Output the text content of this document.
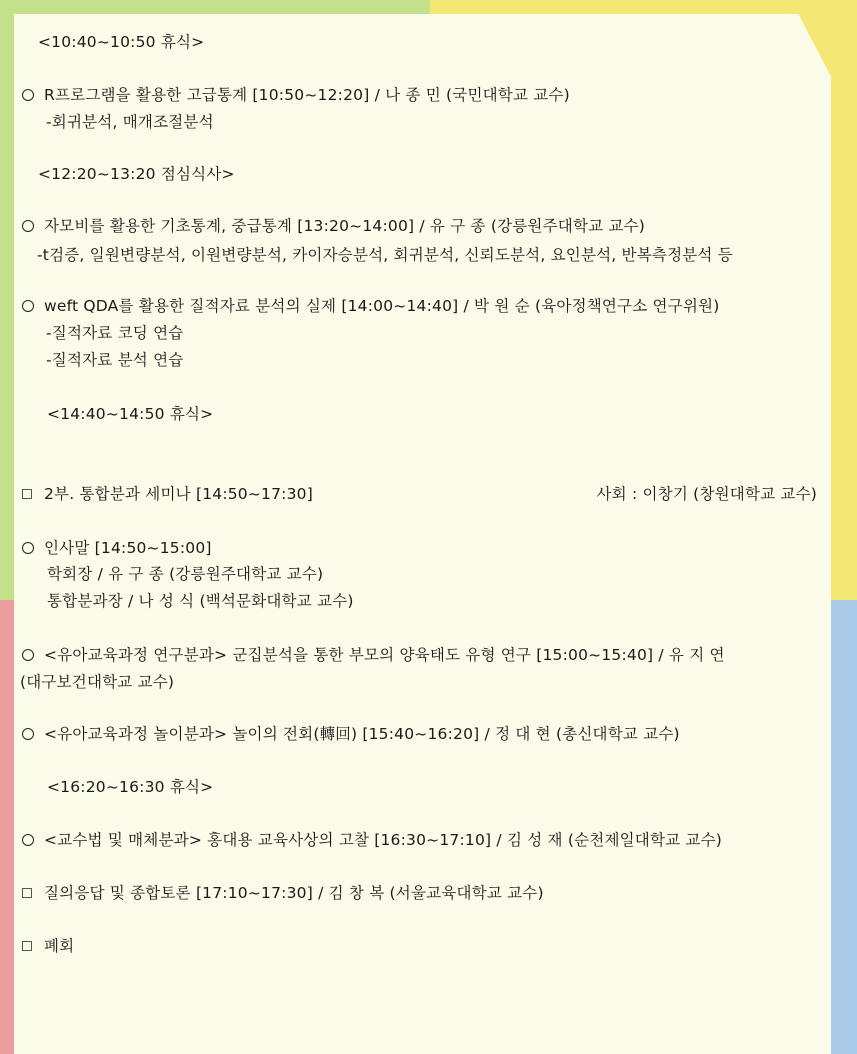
<10:40~10:50 휴식>
R프로그램을 활용한 고급통계 [10:50~12:20] / 나 종 민 (국민대학교 교수)
-회귀분석, 매개조절분석
<12:20~13:20 점심식사>
자모비를 활용한 기초통계, 중급통계 [13:20~14:00] / 유 구 종 (강릉원주대학교 교수)
-t검증, 일원변량분석, 이원변량분석, 카이자승분석, 회귀분석, 신뢰도분석, 요인분석, 반복측정분석 등
weft QDA를 활용한 질적자료 분석의 실제 [14:00~14:40] / 박 원 순 (육아정책연구소 연구위원)
-질적자료 코딩 연습
-질적자료 분석 연습
<14:40~14:50 휴식>
2부. 통합분과 세미나 [14:50~17:30]	사회 : 이창기 (창원대학교 교수)
인사말 [14:50~15:00]
학회장 / 유 구 종 (강릉원주대학교 교수)
통합분과장 / 나 성 식 (백석문화대학교 교수)
<유아교육과정 연구분과> 군집분석을 통한 부모의 양육태도 유형 연구 [15:00~15:40] / 유 지 연
(대구보건대학교 교수)
<유아교육과정 놀이분과> 놀이의 전회(轉回) [15:40~16:20] / 정 대 현 (총신대학교 교수)
<16:20~16:30 휴식>
<교수법 및 매체분과> 홍대용 교육사상의 고찰 [16:30~17:10] / 김 성 재 (순천제일대학교 교수)
질의응답 및 종합토론 [17:10~17:30] / 김 창 복 (서울교육대학교 교수)
폐회
